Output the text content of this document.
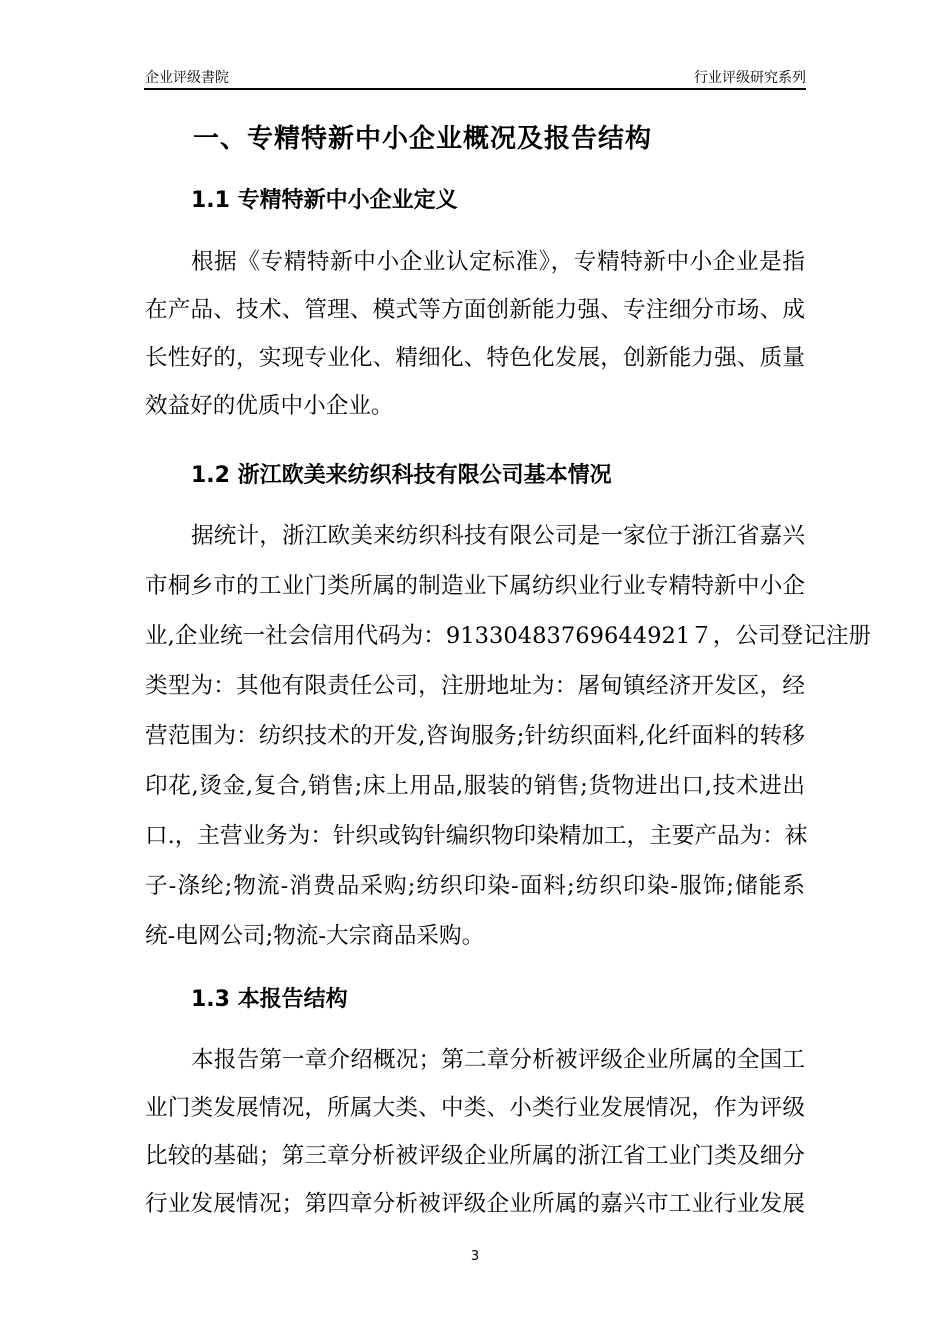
企业评级書院	行业评级研究系列
一、专精特新中小企业概况及报告结构
1.1 专精特新中小企业定义
根据《专精特新中小企业认定标准》，专精特新中小企业是指
在产品、技术、管理、模式等方面创新能力强、专注细分市场、成
长性好的，实现专业化、精细化、特色化发展，创新能力强、质量
效益好的优质中小企业。
1.2 浙江欧美来纺织科技有限公司基本情况
据统计，浙江欧美来纺织科技有限公司是一家位于浙江省嘉兴
市桐乡市的工业门类所属的制造业下属纺织业行业专精特新中小企
业,企业统一社会信用代码为：91330483769644921７，公司登记注册
类型为：其他有限责任公司，注册地址为：屠甸镇经济开发区，经
营范围为：纺织技术的开发,咨询服务;针纺织面料,化纤面料的转移
印花,烫金,复合,销售;床上用品,服装的销售;货物进出口,技术进出
口.，主营业务为：针织或钩针编织物印染精加工，主要产品为：袜
子-涤纶;物流-消费品采购;纺织印染-面料;纺织印染-服饰;储能系
统-电网公司;物流-大宗商品采购。
1.3 本报告结构
本报告第一章介绍概况；第二章分析被评级企业所属的全国工
业门类发展情况，所属大类、中类、小类行业发展情况，作为评级
比较的基础；第三章分析被评级企业所属的浙江省工业门类及细分
行业发展情况；第四章分析被评级企业所属的嘉兴市工业行业发展
3
